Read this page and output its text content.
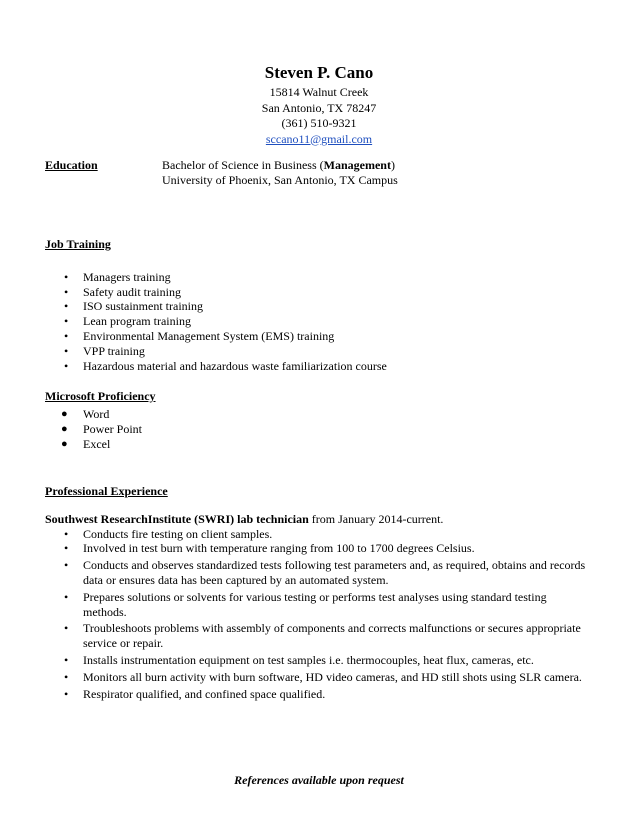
Steven P. Cano
15814 Walnut Creek
San Antonio, TX 78247
(361) 510-9321
sccano11@gmail.com
Education	Bachelor of Science in Business (Management)
University of Phoenix, San Antonio, TX Campus
Job Training
• Managers training
• Safety audit training
• ISO sustainment training
• Lean program training
• Environmental Management System (EMS) training
• VPP training
• Hazardous material and hazardous waste familiarization course
Microsoft Proficiency
● Word
● Power Point
● Excel
Professional Experience
Southwest ResearchInstitute (SWRI) lab technician from January 2014-current.
• Conducts fire testing on client samples.
• Involved in test burn with temperature ranging from 100 to 1700 degrees Celsius.
• Conducts and observes standardized tests following test parameters and, as required, obtains and records data or ensures data has been captured by an automated system.
• Prepares solutions or solvents for various testing or performs test analyses using standard testing methods.
• Troubleshoots problems with assembly of components and corrects malfunctions or secures appropriate service or repair.
• Installs instrumentation equipment on test samples i.e. thermocouples, heat flux, cameras, etc.
• Monitors all burn activity with burn software, HD video cameras, and HD still shots using SLR camera.
• Respirator qualified, and confined space qualified.
References available upon request
